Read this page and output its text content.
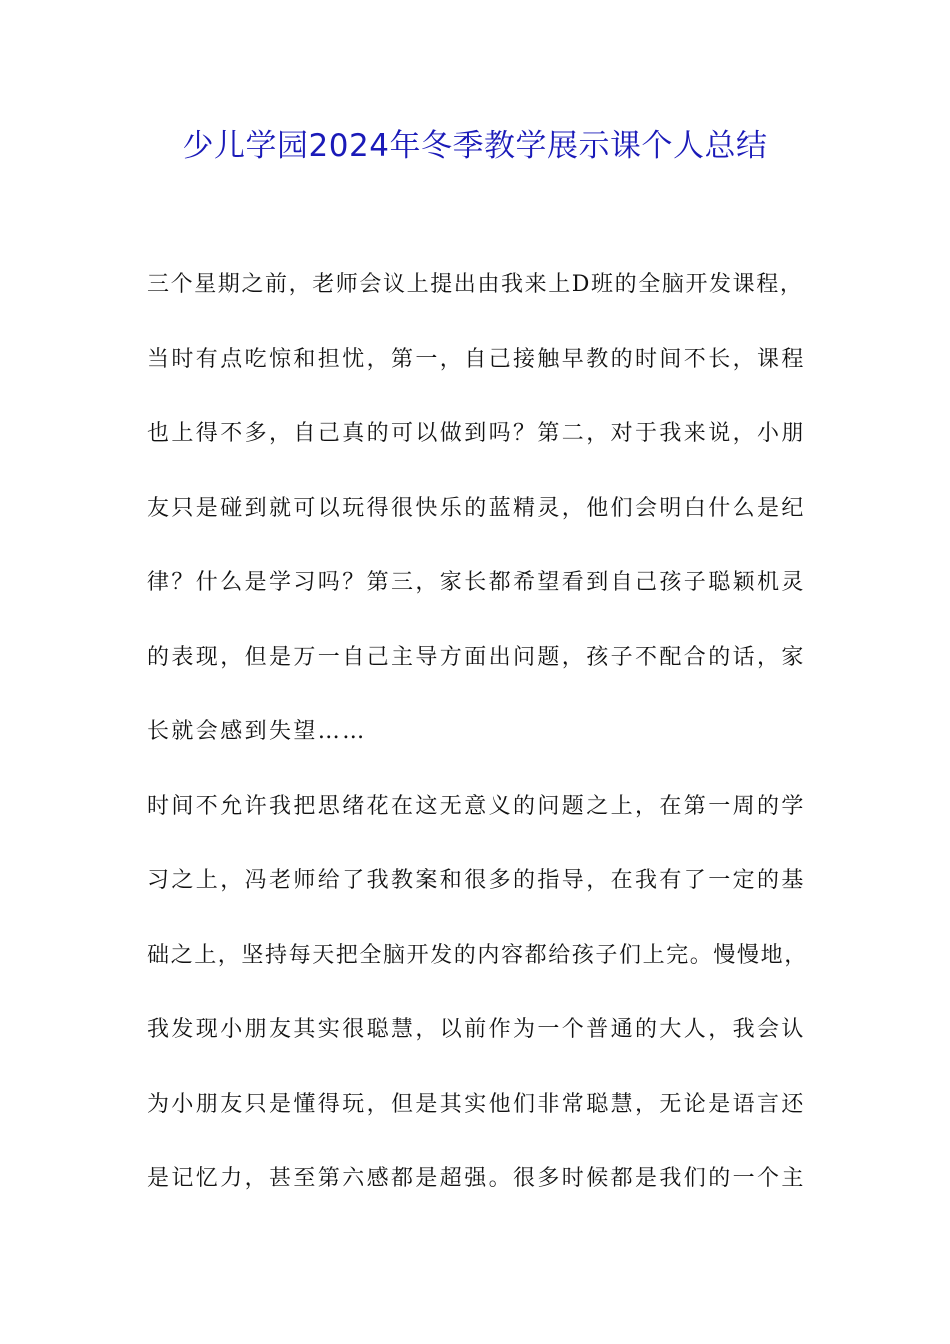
少儿学园2024年冬季教学展示课个人总结
三个星期之前，老师会议上提出由我来上D班的全脑开发课程，
当时有点吃惊和担忧，第一，自己接触早教的时间不长，课程
也上得不多，自己真的可以做到吗？第二，对于我来说，小朋
友只是碰到就可以玩得很快乐的蓝精灵，他们会明白什么是纪
律？什么是学习吗？第三，家长都希望看到自己孩子聪颖机灵
的表现，但是万一自己主导方面出问题，孩子不配合的话，家
长就会感到失望……
时间不允许我把思绪花在这无意义的问题之上，在第一周的学
习之上，冯老师给了我教案和很多的指导，在我有了一定的基
础之上，坚持每天把全脑开发的内容都给孩子们上完。慢慢地，
我发现小朋友其实很聪慧，以前作为一个普通的大人，我会认
为小朋友只是懂得玩，但是其实他们非常聪慧，无论是语言还
是记忆力，甚至第六感都是超强。很多时候都是我们的一个主
